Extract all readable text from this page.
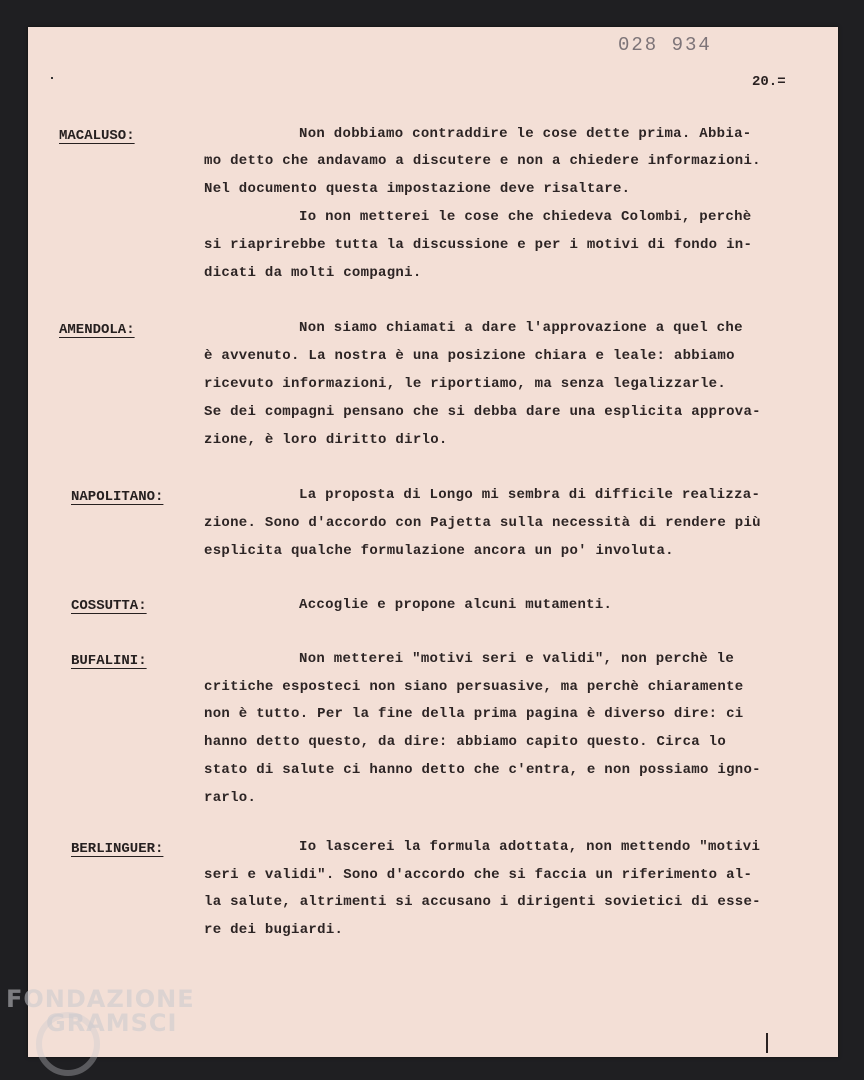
028 934
20.=
MACALUSO:	Non dobbiamo contraddire le cose dette prima. Abbia-
mo detto che andavamo a discutere e non a chiedere informazioni.
Nel documento questa impostazione deve risaltare.
Io non metterei le cose che chiedeva Colombi, perchè
si riaprirebbe tutta la discussione e per i motivi di fondo in-
dicati da molti compagni.
AMENDOLA:	Non siamo chiamati a dare l'approvazione a quel che
è avvenuto. La nostra è una posizione chiara e leale: abbiamo
ricevuto informazioni, le riportiamo, ma senza legalizzarle.
Se dei compagni pensano che si debba dare una esplicita approva-
zione, è loro diritto dirlo.
NAPOLITANO:	La proposta di Longo mi sembra di difficile realizza-
zione. Sono d'accordo con Pajetta sulla necessità di rendere più
esplicita qualche formulazione ancora un po' involuta.
COSSUTTA:	Accoglie e propone alcuni mutamenti.
BUFALINI:	Non metterei "motivi seri e validi", non perchè le
critiche esposteci non siano persuasive, ma perchè chiaramente
non è tutto. Per la fine della prima pagina è diverso dire: ci
hanno detto questo, da dire: abbiamo capito questo. Circa lo
stato di salute ci hanno detto che c'entra, e non possiamo igno-
rarlo.
BERLINGUER:	Io lascerei la formula adottata, non mettendo "motivi
seri e validi". Sono d'accordo che si faccia un riferimento al-
la salute, altrimenti si accusano i dirigenti sovietici di esse-
re dei bugiardi.
FONDAZIONE
GRAMSCI
